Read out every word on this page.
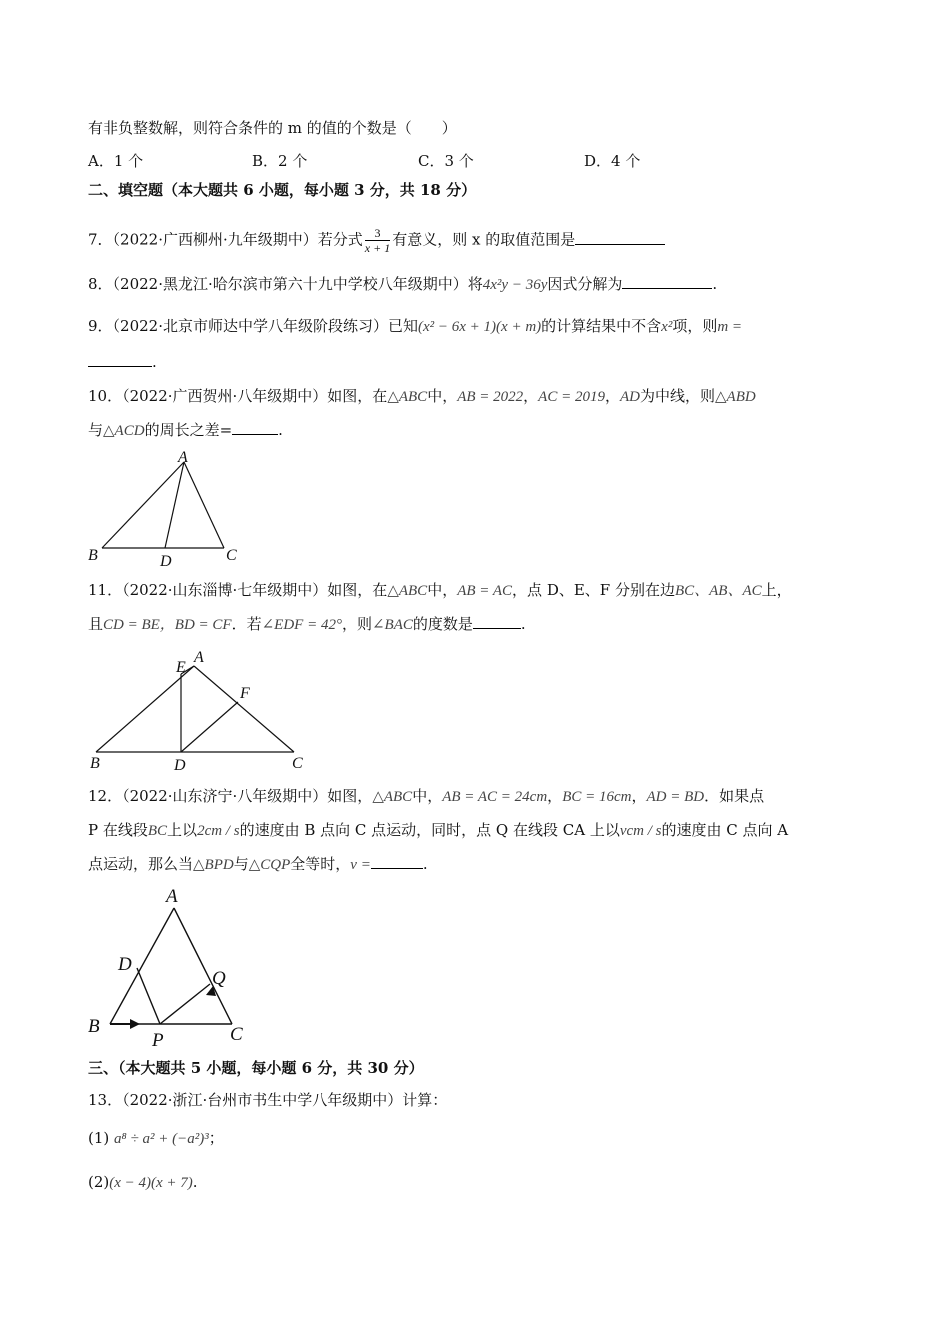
有非负整数解，则符合条件的 m 的值的个数是（　　）
A．1 个	B．2 个	C．3 个	D．4 个
二、填空题（本大题共 6 小题，每小题 3 分，共 18 分）
7．（2022·广西柳州·九年级期中）若分式 $\frac{3}{x + 1}$ 有意义，则 x 的取值范围是
8．（2022·黑龙江·哈尔滨市第六十九中学校八年级期中）将4x²y − 36y因式分解为	.
9．（2022·北京市师达中学八年级阶段练习）已知(x² − 6x + 1)(x + m)的计算结果中不含x²项，则m =
.
10．（2022·广西贺州·八年级期中）如图，在△ABC中，AB = 2022，AC = 2019，AD为中线，则△ABD
与△ACD的周长之差=	.
A
B	D	C
11．（2022·山东淄博·七年级期中）如图，在△ABC中，AB = AC，点 D、E、F 分别在边BC、AB、AC上，
且CD = BE，BD = CF．若∠EDF = 42°，则∠BAC的度数是	.
E
A
F
B	D	C
12．（2022·山东济宁·八年级期中）如图，△ABC中，AB = AC = 24cm，BC = 16cm，AD = BD．如果点
P 在线段BC上以2cm / s的速度由 B 点向 C 点运动，同时，点 Q 在线段 CA 上以vcm / s的速度由 C 点向 A
点运动，那么当△BPD与△CQP全等时，v =	.
A
D
Q
B
P	C
三、（本大题共 5 小题，每小题 6 分，共 30 分）
13．（2022·浙江·台州市书生中学八年级期中）计算：
(1) a⁸ ÷ a² + (−a²)³；
(2)(x − 4)(x + 7).
